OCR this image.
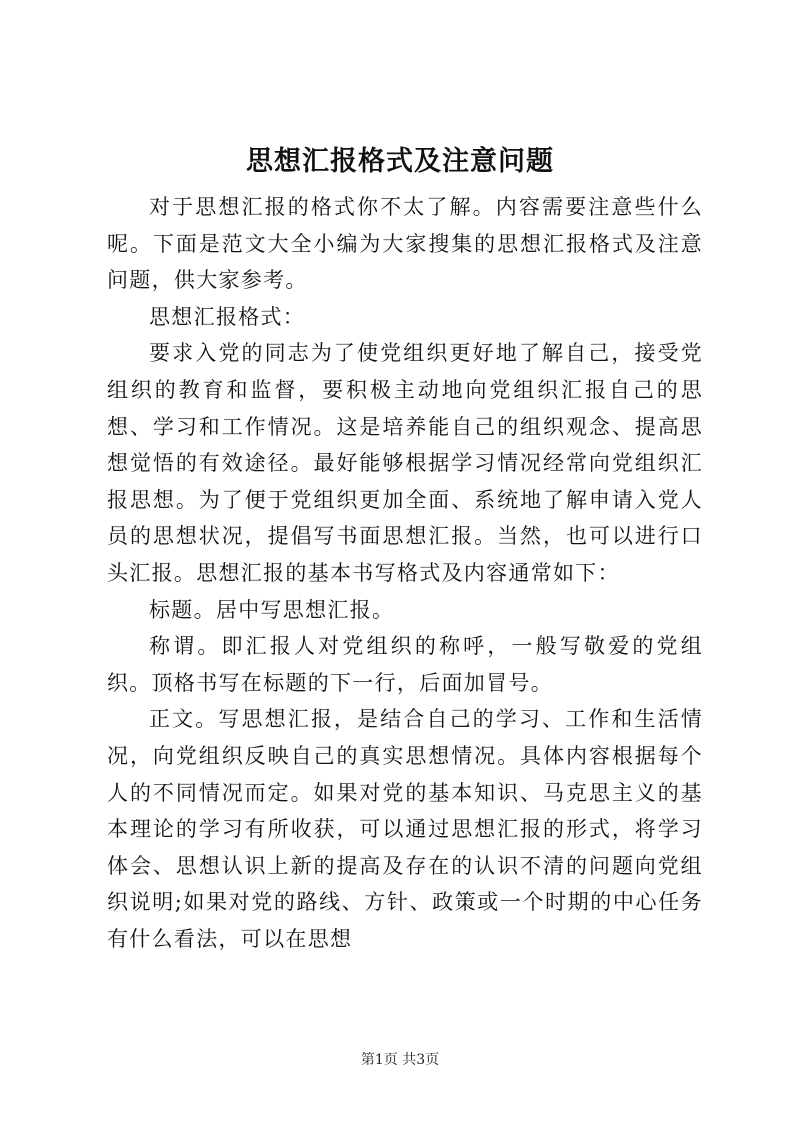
思想汇报格式及注意问题

对于思想汇报的格式你不太了解。内容需要注意些什么呢。下面是范文大全小编为大家搜集的思想汇报格式及注意问题，供大家参考。

思想汇报格式：

要求入党的同志为了使党组织更好地了解自己，接受党组织的教育和监督，要积极主动地向党组织汇报自己的思想、学习和工作情况。这是培养能自己的组织观念、提高思想觉悟的有效途径。最好能够根据学习情况经常向党组织汇报思想。为了便于党组织更加全面、系统地了解申请入党人员的思想状况，提倡写书面思想汇报。当然，也可以进行口头汇报。思想汇报的基本书写格式及内容通常如下：

标题。居中写思想汇报。

称谓。即汇报人对党组织的称呼，一般写敬爱的党组织。顶格书写在标题的下一行，后面加冒号。

正文。写思想汇报，是结合自己的学习、工作和生活情况，向党组织反映自己的真实思想情况。具体内容根据每个人的不同情况而定。如果对党的基本知识、马克思主义的基本理论的学习有所收获，可以通过思想汇报的形式，将学习体会、思想认识上新的提高及存在的认识不清的问题向党组织说明;如果对党的路线、方针、政策或一个时期的中心任务有什么看法，可以在思想

第1页 共3页
